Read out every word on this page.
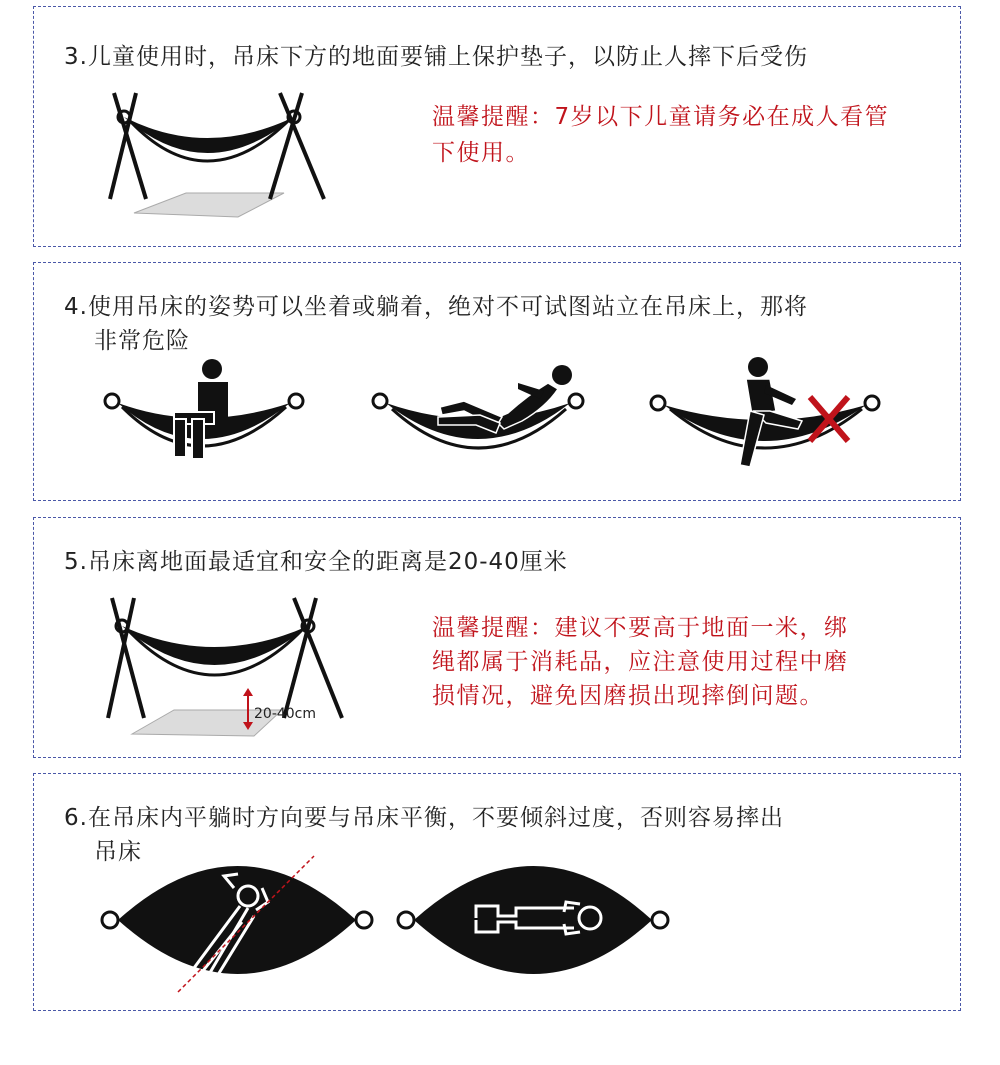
3.儿童使用时，吊床下方的地面要铺上保护垫子，以防止人摔下后受伤

温馨提醒：7岁以下儿童请务必在成人看管下使用。

4.使用吊床的姿势可以坐着或躺着，绝对不可试图站立在吊床上，那将

非常危险

5.吊床离地面最适宜和安全的距离是20-40厘米

20-40cm

温馨提醒：建议不要高于地面一米，绑

绳都属于消耗品，应注意使用过程中磨

损情况，避免因磨损出现摔倒问题。

6.在吊床内平躺时方向要与吊床平衡，不要倾斜过度，否则容易摔出

吊床
